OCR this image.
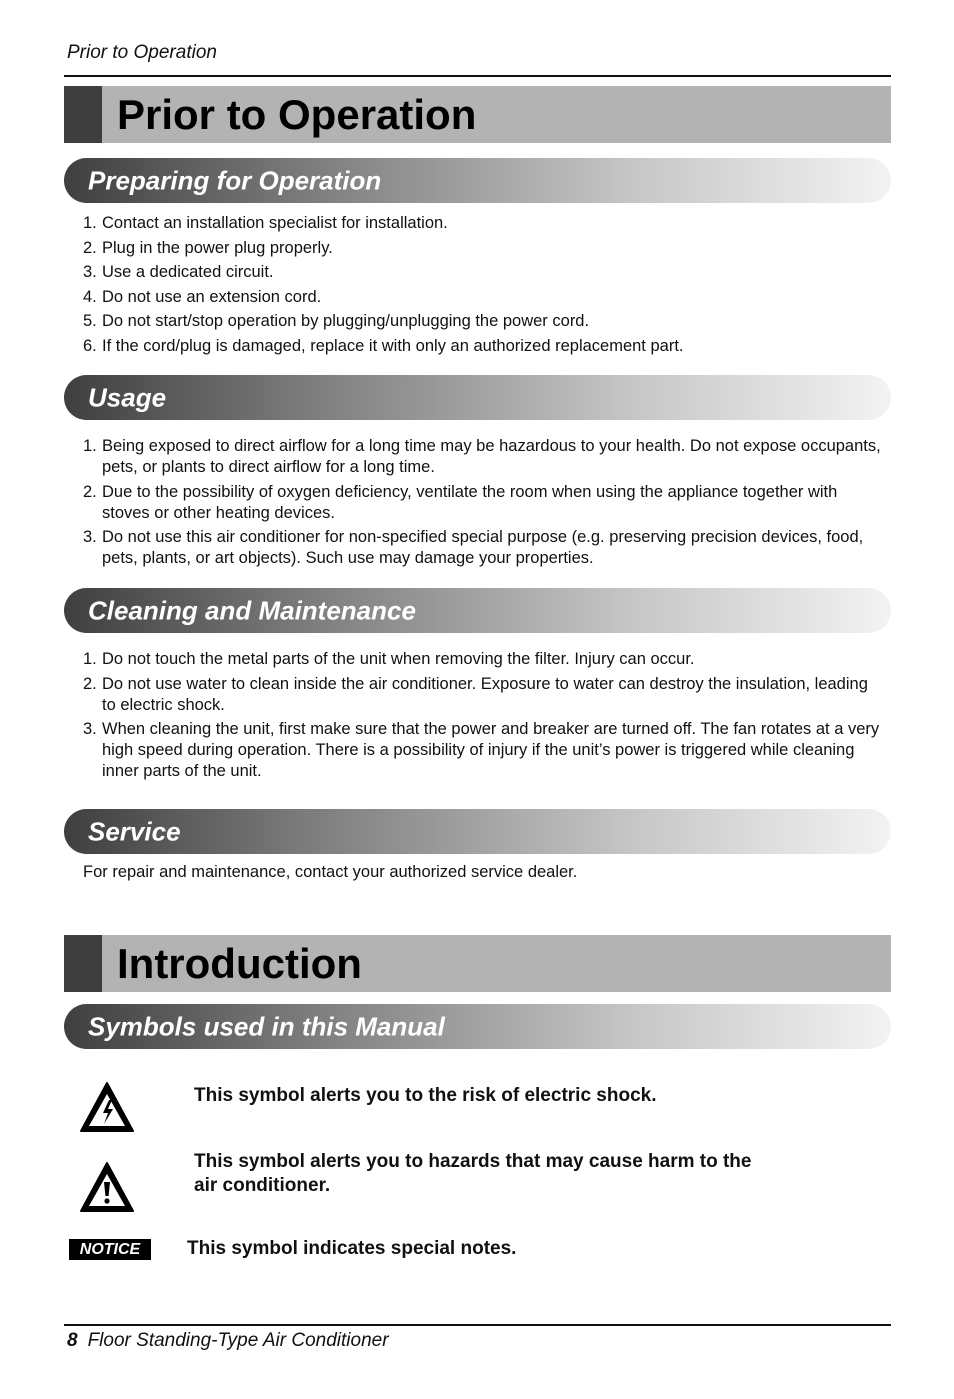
Prior to Operation
Prior to Operation
Preparing for Operation
1. Contact an installation specialist for installation.
2. Plug in the power plug properly.
3. Use a dedicated circuit.
4. Do not use an extension cord.
5. Do not start/stop operation by plugging/unplugging the power cord.
6. If the cord/plug is damaged, replace it with only an authorized replacement part.
Usage
1. Being exposed to direct airflow for a long time may be hazardous to your health. Do not expose occupants, pets, or plants to direct airflow for a long time.
2. Due to the possibility of oxygen deficiency, ventilate the room when using the appliance together with stoves or other heating devices.
3. Do not use this air conditioner for non-specified special purpose (e.g. preserving precision devices, food, pets, plants, or art objects). Such use may damage your properties.
Cleaning and Maintenance
1. Do not touch the metal parts of the unit when removing the filter. Injury can occur.
2. Do not use water to clean inside the air conditioner. Exposure to water can destroy the insulation, leading to electric shock.
3. When cleaning the unit, first make sure that the power and breaker are turned off. The fan rotates at a very high speed during operation. There is a possibility of injury if the unit’s power is triggered while cleaning inner parts of the unit.
Service
For repair and maintenance, contact your authorized service dealer.
Introduction
Symbols used in this Manual
This symbol alerts you to the risk of electric shock.
This symbol alerts you to hazards that may cause harm to the
air conditioner.
NOTICE	This symbol indicates special notes.
8 Floor Standing-Type Air Conditioner
